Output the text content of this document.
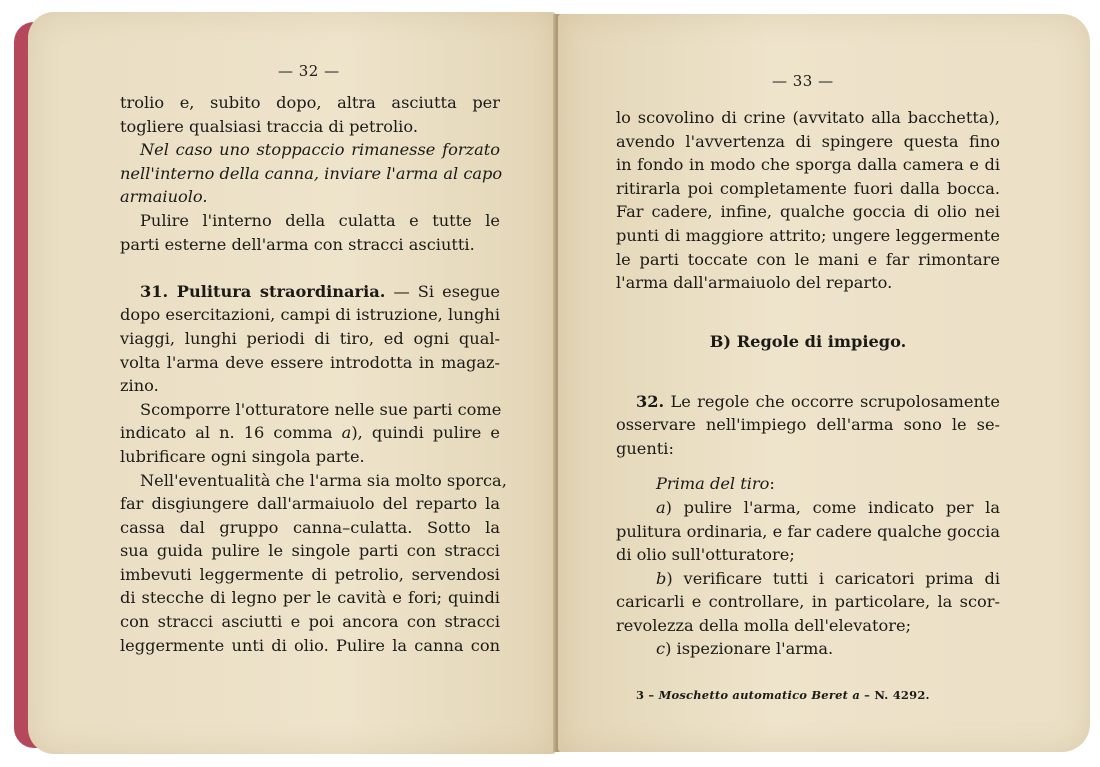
— 32 —
trolio e, subito dopo, altra asciutta per
togliere qualsiasi traccia di petrolio.
Nel caso uno stoppaccio rimanesse forzato
nell'interno della canna, inviare l'arma al capo
armaiuolo.
Pulire l'interno della culatta e tutte le
parti esterne dell'arma con stracci asciutti.
31. Pulitura straordinaria. — Si esegue
dopo esercitazioni, campi di istruzione, lunghi
viaggi, lunghi periodi di tiro, ed ogni qual-
volta l'arma deve essere introdotta in magaz-
zino.
Scomporre l'otturatore nelle sue parti come
indicato al n. 16 comma a), quindi pulire e
lubrificare ogni singola parte.
Nell'eventualità che l'arma sia molto sporca,
far disgiungere dall'armaiuolo del reparto la
cassa dal gruppo canna–culatta. Sotto la
sua guida pulire le singole parti con stracci
imbevuti leggermente di petrolio, servendosi
di stecche di legno per le cavità e fori; quindi
con stracci asciutti e poi ancora con stracci
leggermente unti di olio. Pulire la canna con
— 33 —
lo scovolino di crine (avvitato alla bacchetta),
avendo l'avvertenza di spingere questa fino
in fondo in modo che sporga dalla camera e di
ritirarla poi completamente fuori dalla bocca.
Far cadere, infine, qualche goccia di olio nei
punti di maggiore attrito; ungere leggermente
le parti toccate con le mani e far rimontare
l'arma dall'armaiuolo del reparto.
B) Regole di impiego.
32. Le regole che occorre scrupolosamente
osservare nell'impiego dell'arma sono le se-
guenti:
Prima del tiro:
a) pulire l'arma, come indicato per la
pulitura ordinaria, e far cadere qualche goccia
di olio sull'otturatore;
b) verificare tutti i caricatori prima di
caricarli e controllare, in particolare, la scor-
revolezza della molla dell'elevatore;
c) ispezionare l'arma.
3 – Moschetto automatico Beret a – N. 4292.
